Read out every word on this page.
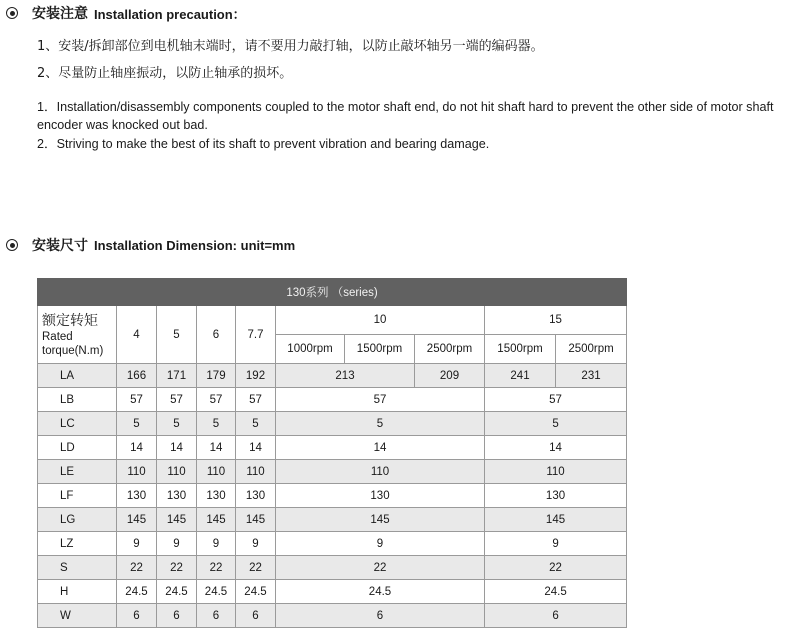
安装注意 Installation precaution：
1、安装/拆卸部位到电机轴末端时，请不要用力敲打轴，以防止敲坏轴另一端的编码器。
2、尽量防止轴座振动，以防止轴承的损坏。
1．Installation/disassembly components coupled to the motor shaft end, do not hit shaft hard to prevent the other side of motor shaft encoder was knocked out bad.
2．Striving to make the best of its shaft to prevent vibration and bearing damage.
安装尺寸 Installation Dimension: unit=mm
130系列 （series)									

额定转矩
Rated
torque(N.m)	4	5	6	7.7	10			15	
					1000rpm	1500rpm	2500rpm	1500rpm	2500rpm
LA	166	171	179	192	213		209	241	231
LB	57	57	57	57	57			57	
LC	5	5	5	5	5			5	
LD	14	14	14	14	14			14	
LE	110	110	110	110	110			110	
LF	130	130	130	130	130			130	
LG	145	145	145	145	145			145	
LZ	9	9	9	9	9			9	
S	22	22	22	22	22			22	
H	24.5	24.5	24.5	24.5	24.5			24.5	
W	6	6	6	6	6			6	
